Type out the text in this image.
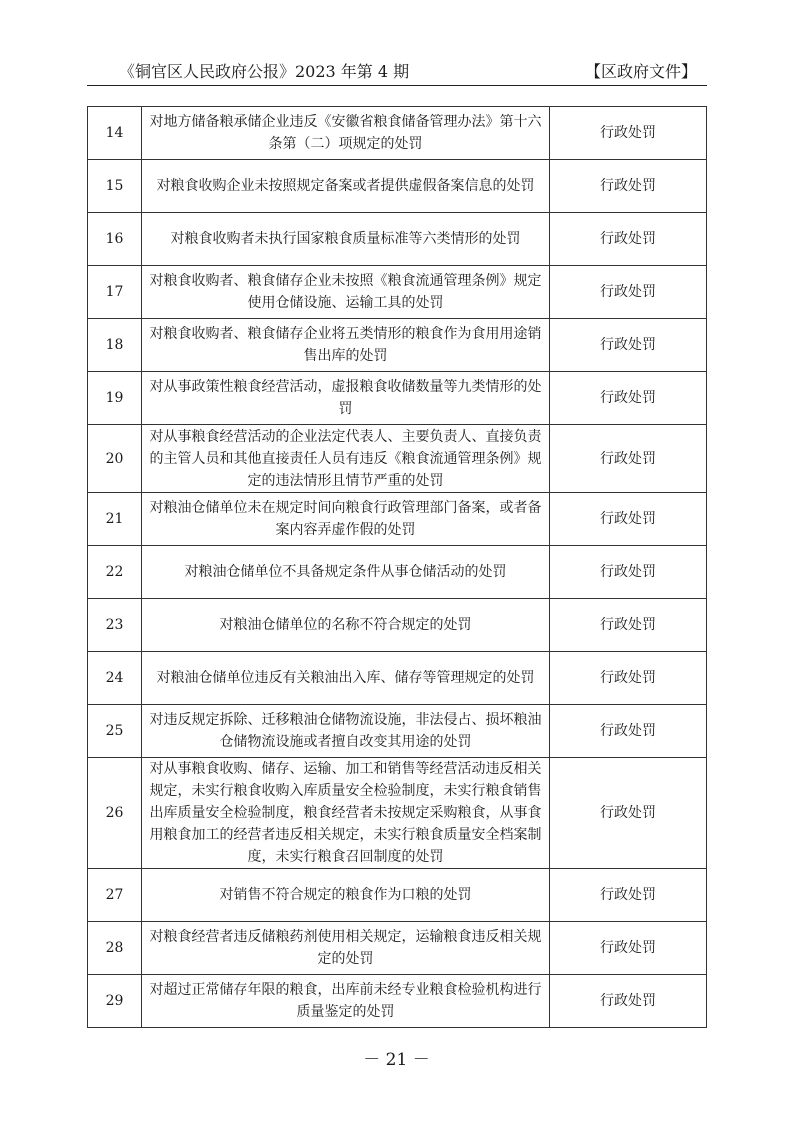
《铜官区人民政府公报》2023 年第 4 期	【区政府文件】
14	对地方储备粮承储企业违反《安徽省粮食储备管理办法》第十六条第（二）项规定的处罚	行政处罚
15	对粮食收购企业未按照规定备案或者提供虚假备案信息的处罚	行政处罚
16	对粮食收购者未执行国家粮食质量标准等六类情形的处罚	行政处罚
17	对粮食收购者、粮食储存企业未按照《粮食流通管理条例》规定使用仓储设施、运输工具的处罚	行政处罚
18	对粮食收购者、粮食储存企业将五类情形的粮食作为食用用途销售出库的处罚	行政处罚
19	对从事政策性粮食经营活动，虚报粮食收储数量等九类情形的处罚	行政处罚
20	对从事粮食经营活动的企业法定代表人、主要负责人、直接负责的主管人员和其他直接责任人员有违反《粮食流通管理条例》规定的违法情形且情节严重的处罚	行政处罚
21	对粮油仓储单位未在规定时间向粮食行政管理部门备案，或者备案内容弄虚作假的处罚	行政处罚
22	对粮油仓储单位不具备规定条件从事仓储活动的处罚	行政处罚
23	对粮油仓储单位的名称不符合规定的处罚	行政处罚
24	对粮油仓储单位违反有关粮油出入库、储存等管理规定的处罚	行政处罚
25	对违反规定拆除、迁移粮油仓储物流设施，非法侵占、损坏粮油仓储物流设施或者擅自改变其用途的处罚	行政处罚
26	对从事粮食收购、储存、运输、加工和销售等经营活动违反相关规定，未实行粮食收购入库质量安全检验制度，未实行粮食销售出库质量安全检验制度，粮食经营者未按规定采购粮食，从事食用粮食加工的经营者违反相关规定，未实行粮食质量安全档案制度，未实行粮食召回制度的处罚	行政处罚
27	对销售不符合规定的粮食作为口粮的处罚	行政处罚
28	对粮食经营者违反储粮药剂使用相关规定，运输粮食违反相关规定的处罚	行政处罚
29	对超过正常储存年限的粮食，出库前未经专业粮食检验机构进行质量鉴定的处罚	行政处罚
－ 21 －
